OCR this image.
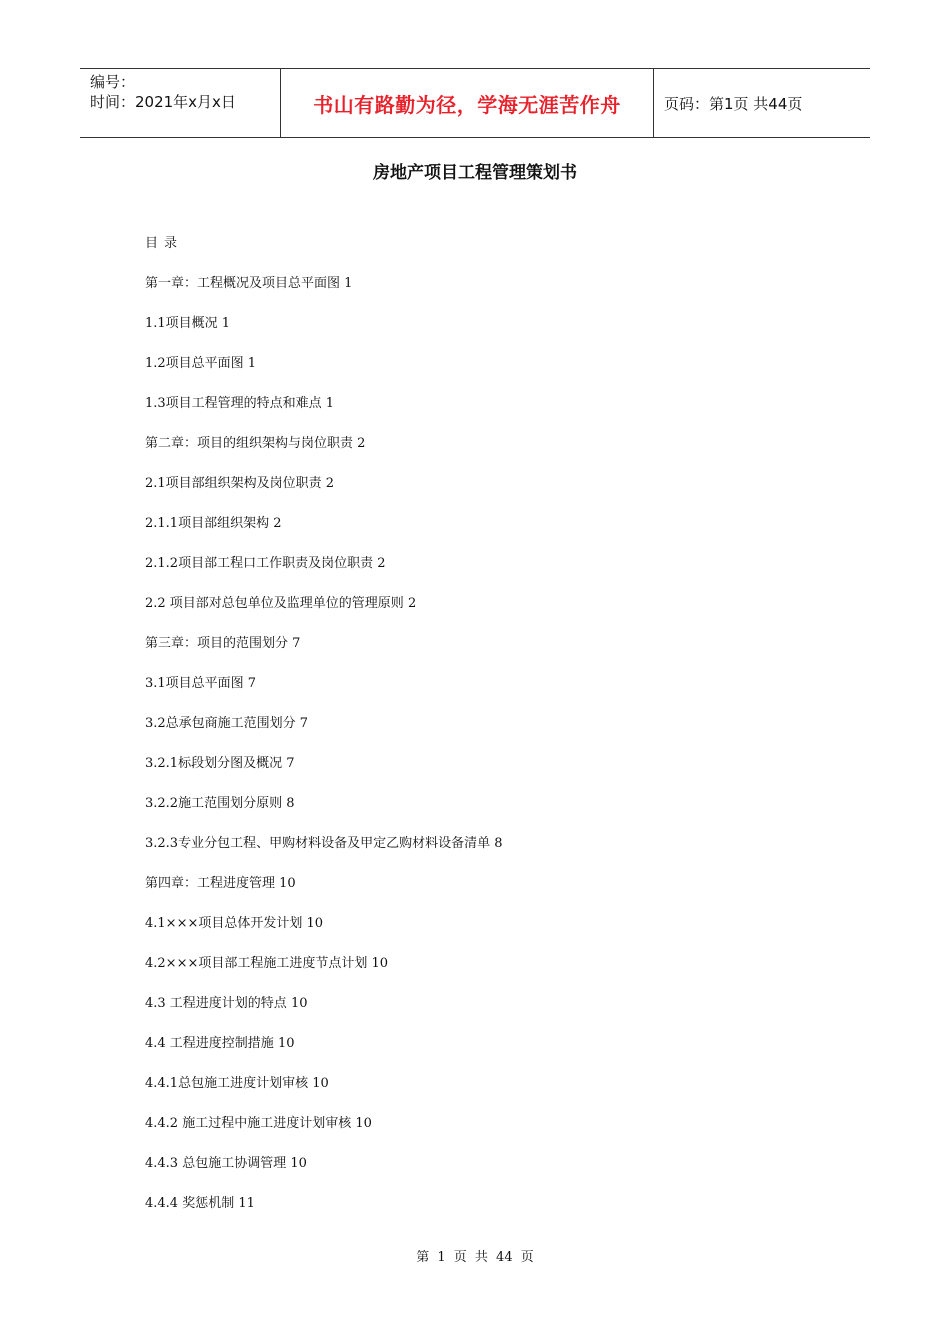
编号：
时间：2021年x月x日	书山有路勤为径，学海无涯苦作舟	页码：第1页 共44页
房地产项目工程管理策划书
目录
第一章：工程概况及项目总平面图 1
1.1项目概况 1
1.2项目总平面图 1
1.3项目工程管理的特点和难点 1
第二章：项目的组织架构与岗位职责 2
2.1项目部组织架构及岗位职责 2
2.1.1项目部组织架构 2
2.1.2项目部工程口工作职责及岗位职责 2
2.2 项目部对总包单位及监理单位的管理原则 2
第三章：项目的范围划分 7
3.1项目总平面图 7
3.2总承包商施工范围划分 7
3.2.1标段划分图及概况 7
3.2.2施工范围划分原则 8
3.2.3专业分包工程、甲购材料设备及甲定乙购材料设备清单 8
第四章：工程进度管理 10
4.1×××项目总体开发计划 10
4.2×××项目部工程施工进度节点计划 10
4.3 工程进度计划的特点 10
4.4 工程进度控制措施 10
4.4.1总包施工进度计划审核 10
4.4.2 施工过程中施工进度计划审核 10
4.4.3 总包施工协调管理 10
4.4.4 奖惩机制 11
第 1 页 共 44 页
